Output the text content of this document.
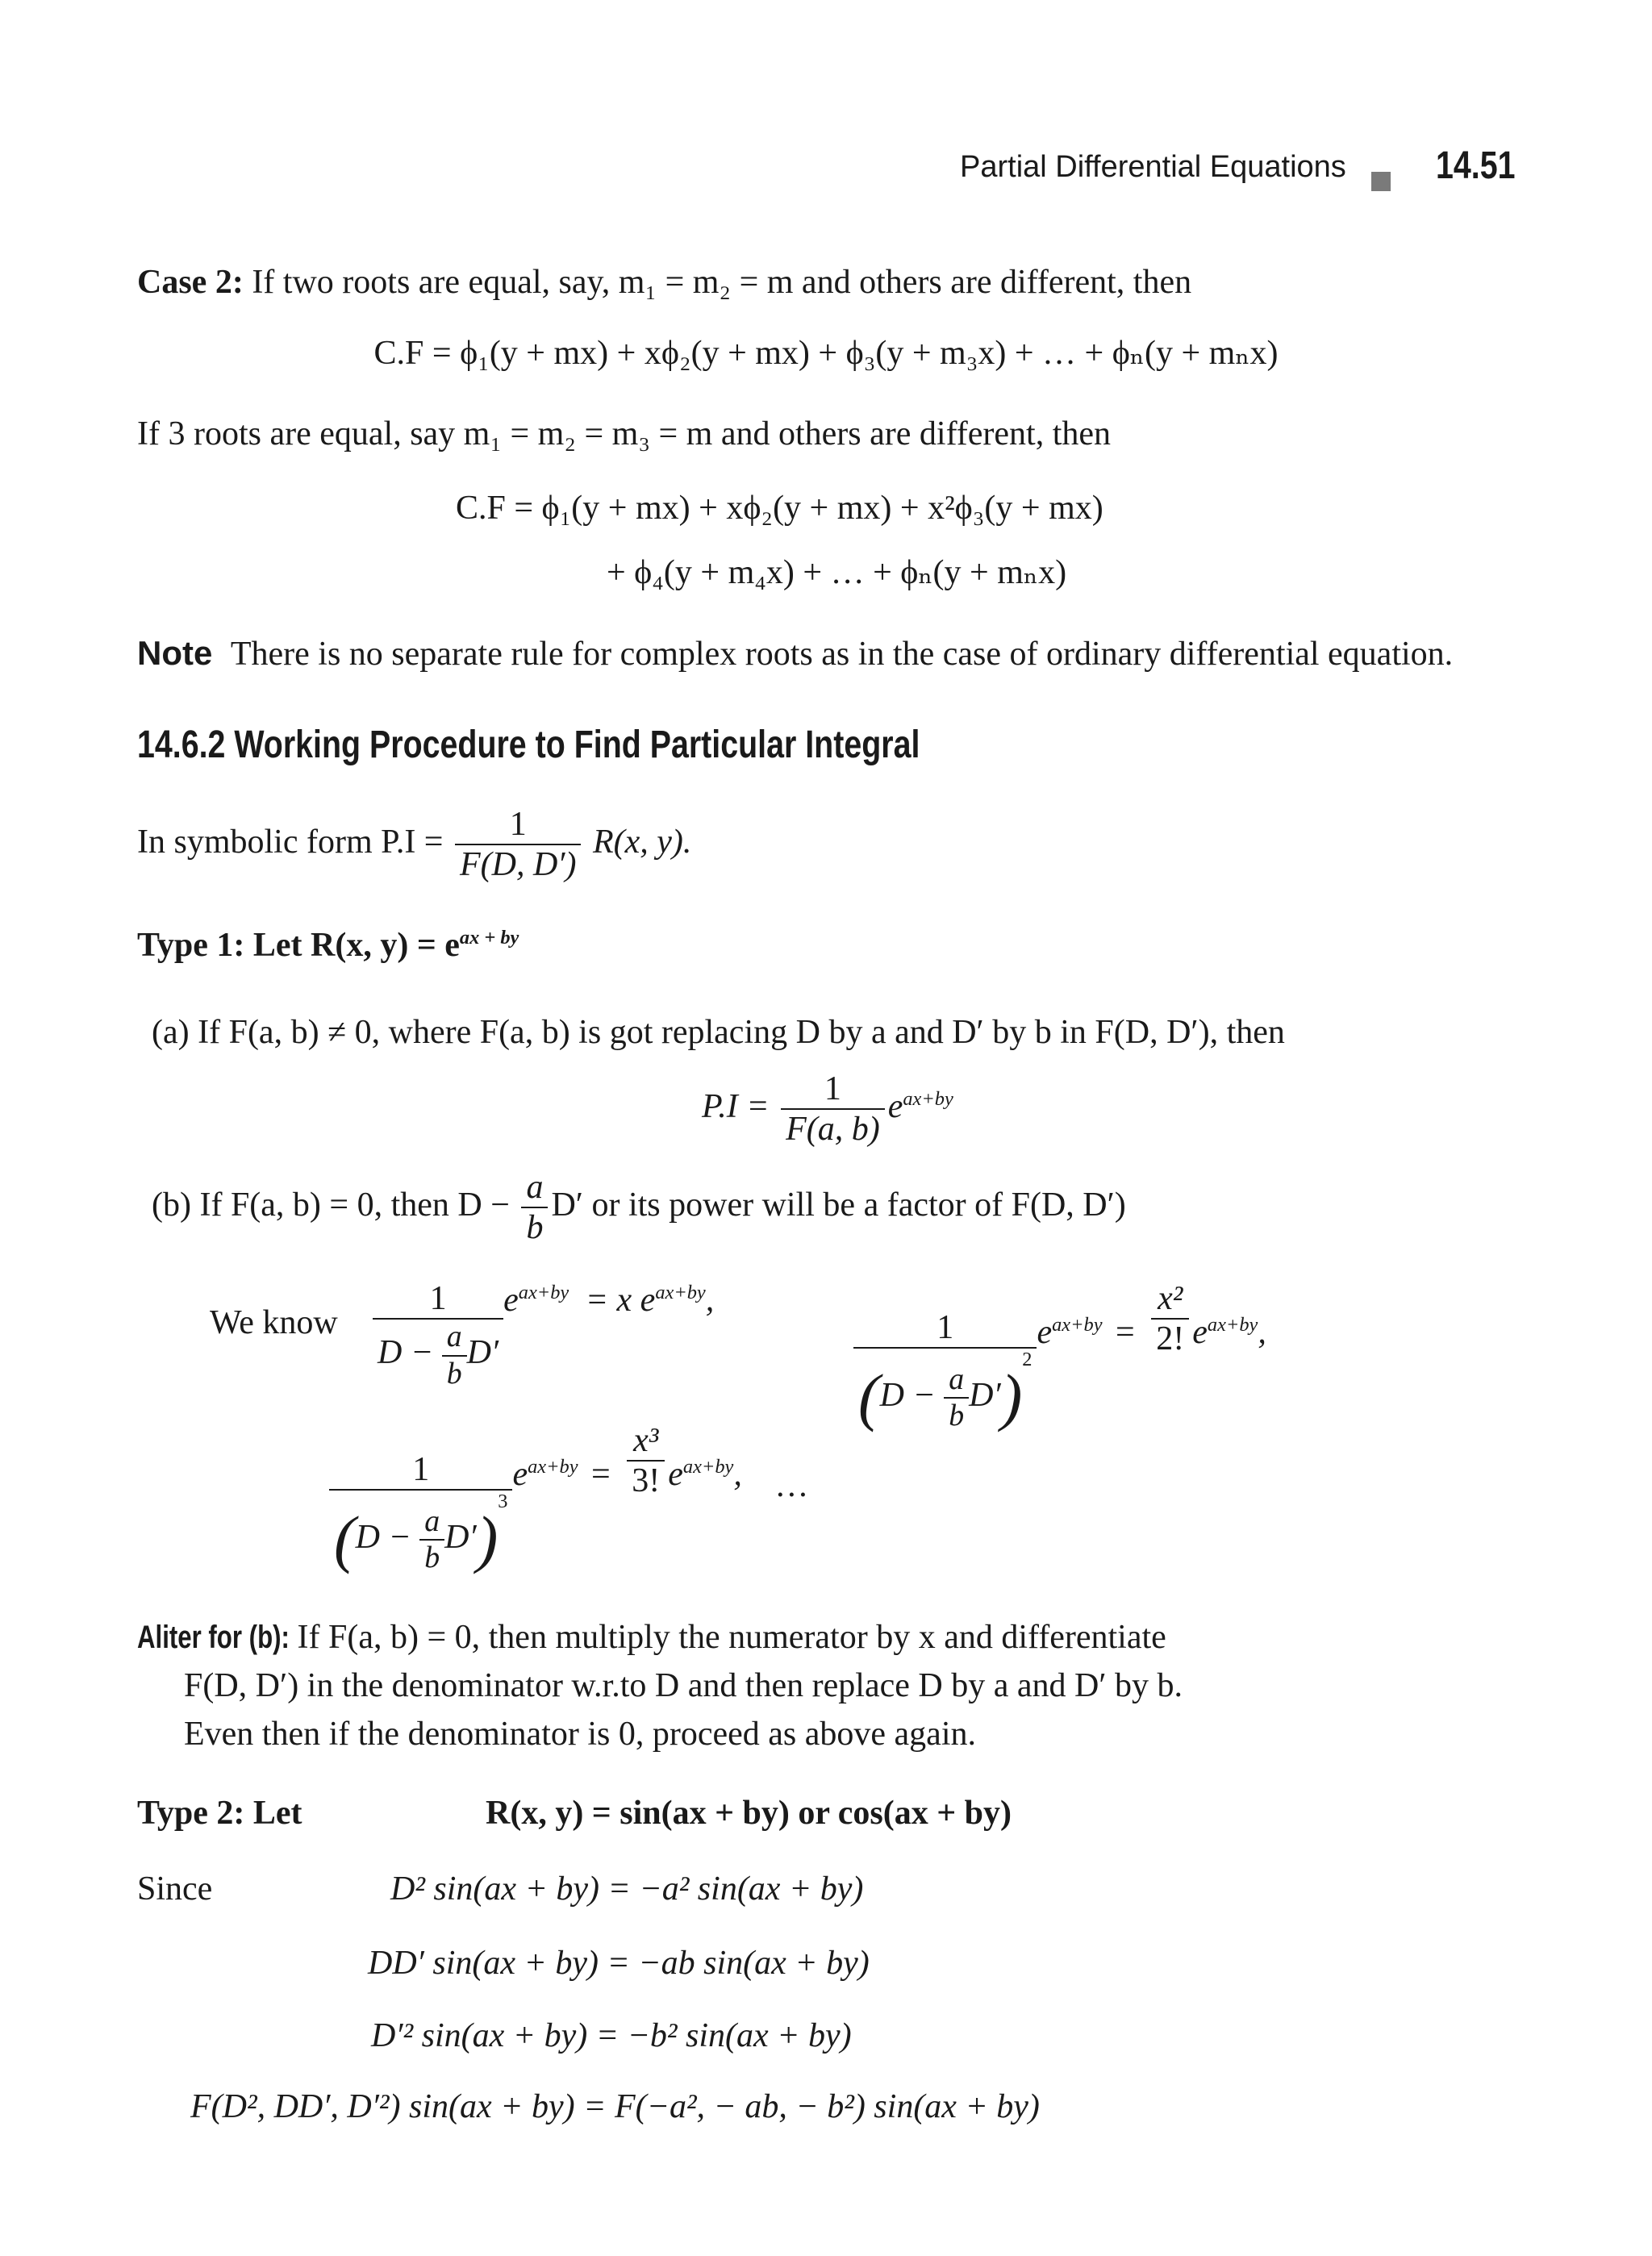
Partial Differential Equations 14.51
Case 2: If two roots are equal, say, m₁ = m₂ = m and others are different, then
C.F = ϕ₁(y + mx) + xϕ₂(y + mx) + ϕ₃(y + m₃x) + … + ϕₙ(y + mₙx)
If 3 roots are equal, say m₁ = m₂ = m₃ = m and others are different, then
C.F = ϕ₁(y + mx) + xϕ₂(y + mx) + x²ϕ₃(y + mx)
+ ϕ₄(y + m₄x) + … + ϕₙ(y + mₙx)
Note There is no separate rule for complex roots as in the case of ordinary differential equation.
14.6.2 Working Procedure to Find Particular Integral
In symbolic form $P.I = \frac{1}{F(D, D')} R(x$, y).
Type 1: Let R(x, $y) = e^{ax + by}$
(a) If F(a, b) ≠ 0, where F(a, b) is got replacing D by a and D′ by b in F(D, D′), then
$P.I = \frac{1}{F(a, b)} e^{ax+by}$
(b) If F(a, b) = 0, then $D - \frac{a}{b} D'$ or its power will be a factor of F(D, D′)
We know $\frac{1}{D - \frac{a}{b} D'} e^{ax+by} = x$ $e^{ax+by}$,
$\frac{1}{(D - \frac{a}{b} D')^2} e^{ax+by} = \frac{\text{x²}}{2!} e^{ax+by}$,
$\frac{1}{(D - \frac{a}{b} D')^3} e^{ax+by} = \frac{\text{x³}}{3!} e^{ax+by}$, …
Aliter for (b): If F(a, b) = 0, then multiply the numerator by x and differentiate
F(D, D′) in the denominator w.r.to D and then replace D by a and D′ by b.
Even then if the denominator is 0, proceed as above again.
Type 2: Let	R(x, y) = sin(ax + by) or cos(ax + by)
Since	D² sin(ax + by) = −a² sin(ax + by)
DD′ sin(ax + by) = −ab sin(ax + by)
D′² sin(ax + by) = −b² sin(ax + by)
F(D², DD′, D′²) sin(ax + by) = F(−a², − ab, − b²) sin(ax + by)
